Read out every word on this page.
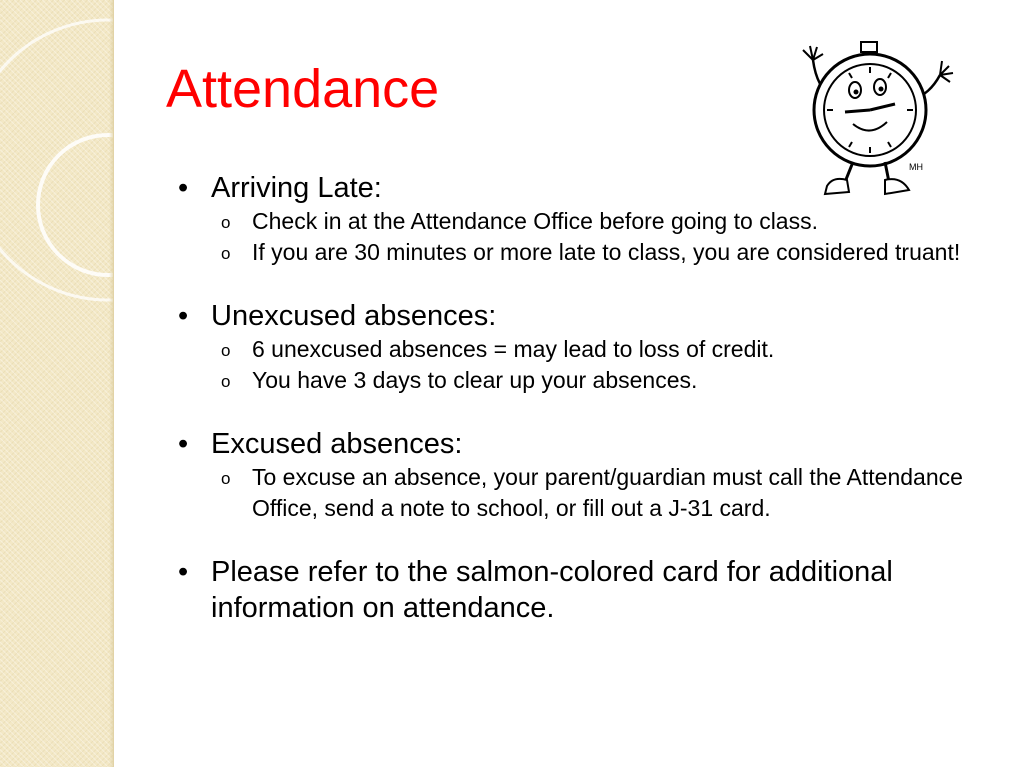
Attendance
MH
• Arriving Late:
o Check in at the Attendance Office before going to class.
o If you are 30 minutes or more late to class, you are considered truant!
• Unexcused absences:
o 6 unexcused absences = may lead to loss of credit.
o You have 3 days to clear up your absences.
• Excused absences:
o To excuse an absence, your parent/guardian must call the Attendance Office, send a note to school, or fill out a J-31 card.
• Please refer to the salmon-colored card for additional information on attendance.
